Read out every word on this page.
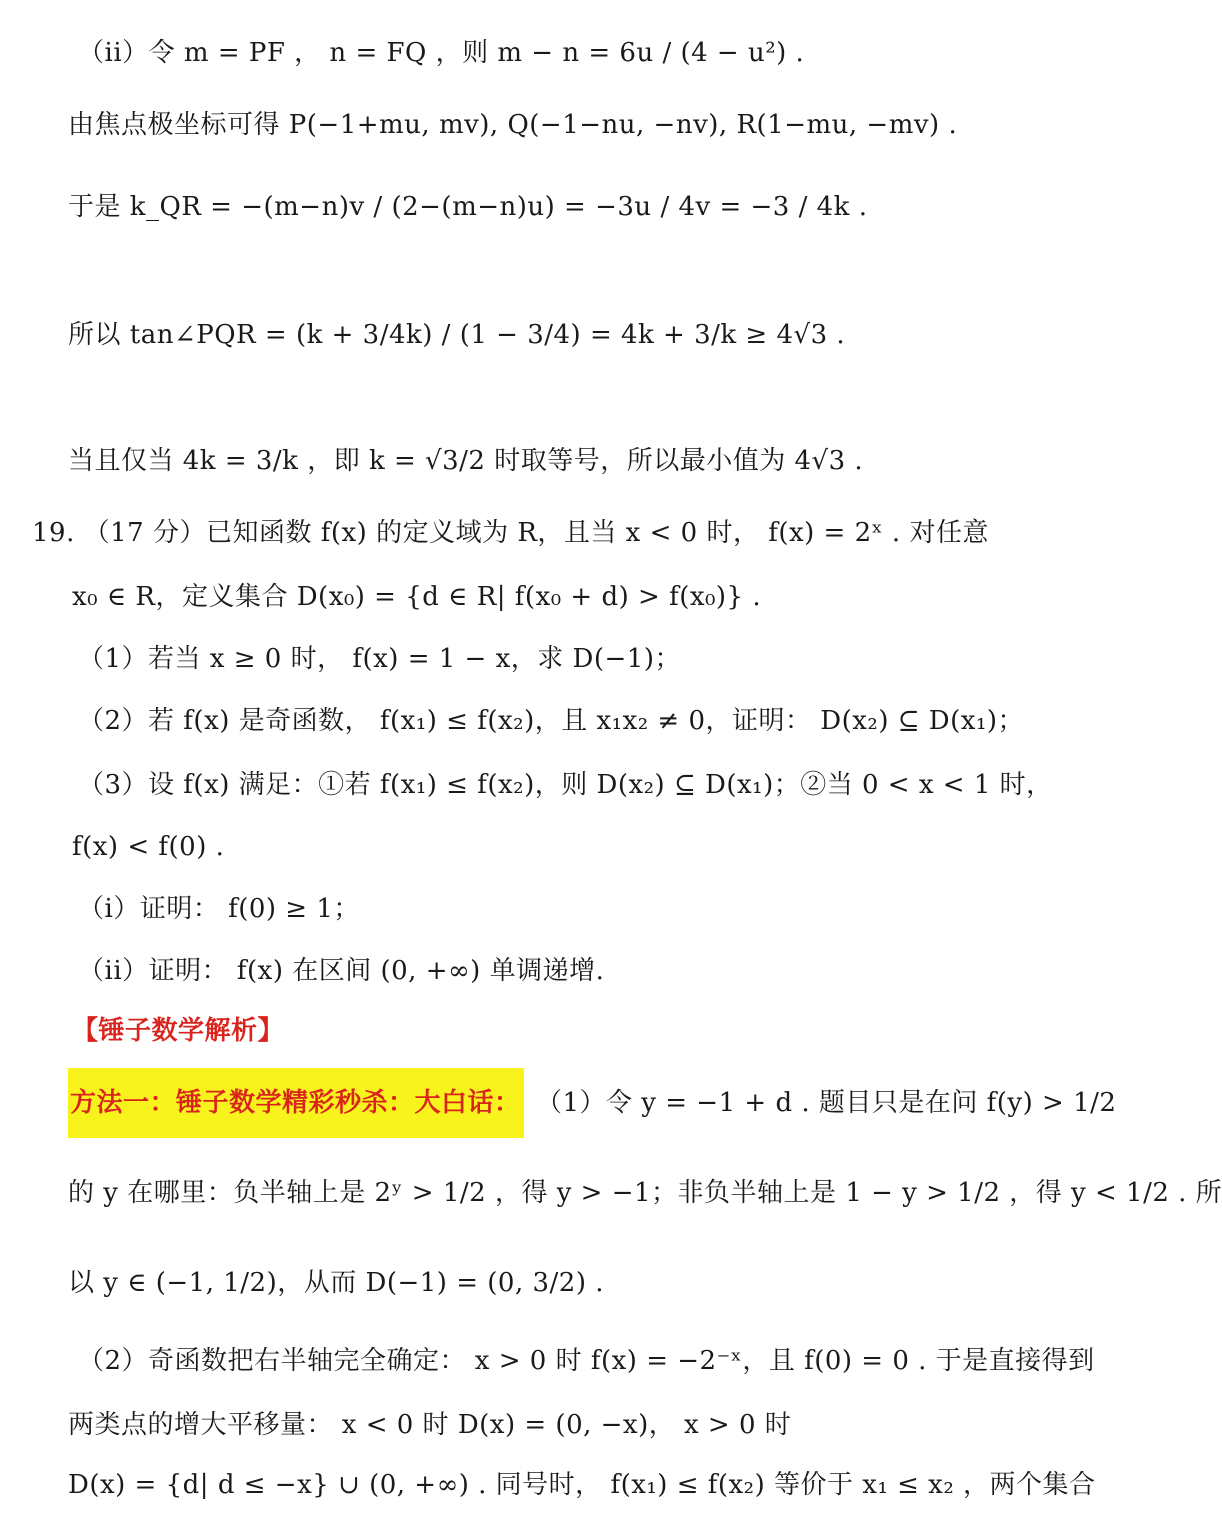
（ii）令 m = PF ， n = FQ ，则 m − n = 6u / (4 − u²) .
由焦点极坐标可得 P(−1+mu, mv), Q(−1−nu, −nv), R(1−mu, −mv) .
于是 k_QR = −(m−n)v / (2−(m−n)u) = −3u / 4v = −3 / 4k .
所以 tan∠PQR = (k + 3/4k) / (1 − 3/4) = 4k + 3/k ≥ 4√3 .
当且仅当 4k = 3/k ，即 k = √3/2 时取等号，所以最小值为 4√3 .
19. （17 分）已知函数 f(x) 的定义域为 R，且当 x < 0 时， f(x) = 2ˣ . 对任意
x₀ ∈ R，定义集合 D(x₀) = {d ∈ R| f(x₀ + d) > f(x₀)} .
（1）若当 x ≥ 0 时， f(x) = 1 − x，求 D(−1)；
（2）若 f(x) 是奇函数， f(x₁) ≤ f(x₂)，且 x₁x₂ ≠ 0，证明： D(x₂) ⊆ D(x₁)；
（3）设 f(x) 满足：①若 f(x₁) ≤ f(x₂)，则 D(x₂) ⊆ D(x₁)；②当 0 < x < 1 时，
f(x) < f(0) .
（i）证明： f(0) ≥ 1；
（ii）证明： f(x) 在区间 (0, +∞) 单调递增.
【锤子数学解析】
方法一：锤子数学精彩秒杀：大白话： （1）令 y = −1 + d . 题目只是在问 f(y) > 1/2
的 y 在哪里：负半轴上是 2ʸ > 1/2 ，得 y > −1；非负半轴上是 1 − y > 1/2 ，得 y < 1/2 . 所
以 y ∈ (−1, 1/2)，从而 D(−1) = (0, 3/2) .
（2）奇函数把右半轴完全确定： x > 0 时 f(x) = −2⁻ˣ，且 f(0) = 0 . 于是直接得到
两类点的增大平移量： x < 0 时 D(x) = (0, −x)， x > 0 时
D(x) = {d| d ≤ −x} ∪ (0, +∞) . 同号时， f(x₁) ≤ f(x₂) 等价于 x₁ ≤ x₂ ，两个集合
